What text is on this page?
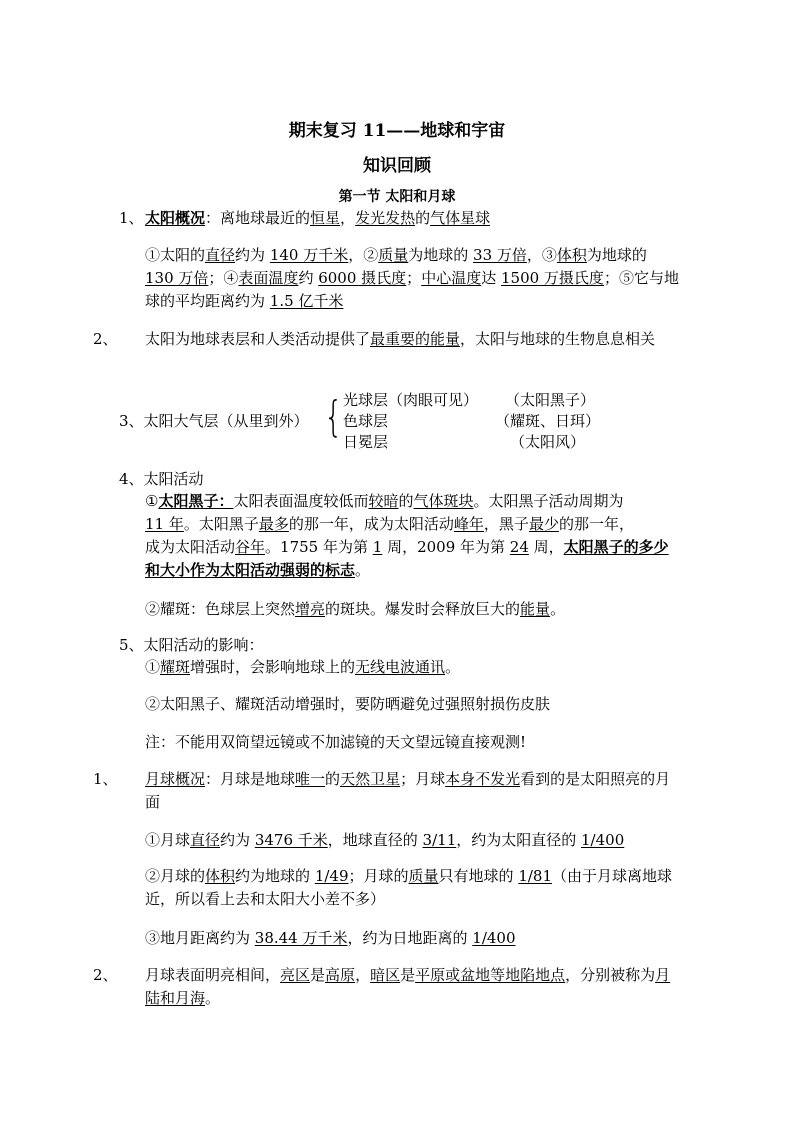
期末复习 11——地球和宇宙
知识回顾
第一节 太阳和月球
1、太阳概况：离地球最近的恒星，发光发热的气体星球
①太阳的直径约为 140 万千米，②质量为地球的 33 万倍，③体积为地球的 130 万倍；④表面温度约 6000 摄氏度；中心温度达 1500 万摄氏度；⑤它与地球的平均距离约为 1.5 亿千米
2、 太阳为地球表层和人类活动提供了最重要的能量，太阳与地球的生物息息相关
3、太阳大气层（从里到外） { 光球层（肉眼可见）
色球层
日冕层
（太阳黑子）
（耀斑、日珥）
（太阳风）
4、太阳活动
①太阳黑子：太阳表面温度较低而较暗的气体斑块。太阳黑子活动周期为
11 年。太阳黑子最多的那一年，成为太阳活动峰年，黑子最少的那一年，
成为太阳活动谷年。1755 年为第 1 周，2009 年为第 24 周，太阳黑子的多少
和大小作为太阳活动强弱的标志。
②耀斑：色球层上突然增亮的斑块。爆发时会释放巨大的能量。
5、太阳活动的影响：
①耀斑增强时，会影响地球上的无线电波通讯。
②太阳黑子、耀斑活动增强时，要防晒避免过强照射损伤皮肤
注：不能用双筒望远镜或不加滤镜的天文望远镜直接观测!
1、 月球概况：月球是地球唯一的天然卫星；月球本身不发光看到的是太阳照亮的月面
①月球直径约为 3476 千米，地球直径的 3/11，约为太阳直径的 1/400
②月球的体积约为地球的 1/49；月球的质量只有地球的 1/81（由于月球离地球近，所以看上去和太阳大小差不多）
③地月距离约为 38.44 万千米，约为日地距离的 1/400
2、 月球表面明亮相间，亮区是高原，暗区是平原或盆地等地陷地点，分别被称为月陆和月海。
